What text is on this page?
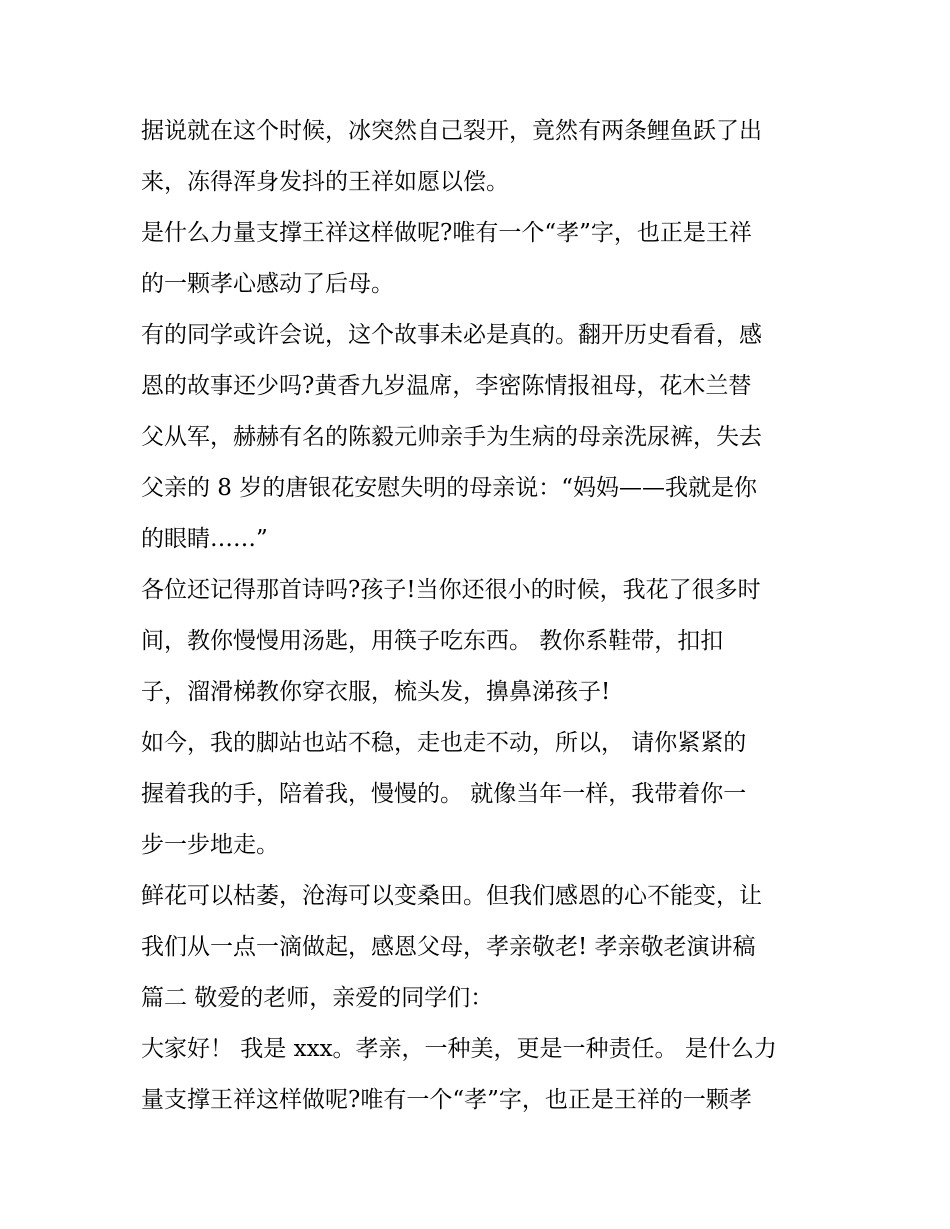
据说就在这个时候，冰突然自己裂开，竟然有两条鲤鱼跃了出
来，冻得浑身发抖的王祥如愿以偿。
是什么力量支撑王祥这样做呢?唯有一个“孝”字，也正是王祥
的一颗孝心感动了后母。
有的同学或许会说，这个故事未必是真的。翻开历史看看，感
恩的故事还少吗?黄香九岁温席，李密陈情报祖母，花木兰替
父从军，赫赫有名的陈毅元帅亲手为生病的母亲洗尿裤，失去
父亲的 8 岁的唐银花安慰失明的母亲说：“妈妈——我就是你
的眼睛……”
各位还记得那首诗吗?孩子!当你还很小的时候，我花了很多时
间，教你慢慢用汤匙，用筷子吃东西。 教你系鞋带，扣扣
子，溜滑梯教你穿衣服，梳头发，擤鼻涕孩子!
如今，我的脚站也站不稳，走也走不动，所以， 请你紧紧的
握着我的手，陪着我，慢慢的。 就像当年一样，我带着你一
步一步地走。
鲜花可以枯萎，沧海可以变桑田。但我们感恩的心不能变，让
我们从一点一滴做起，感恩父母，孝亲敬老! 孝亲敬老演讲稿
篇二 敬爱的老师，亲爱的同学们：
大家好！ 我是 xxx。孝亲，一种美，更是一种责任。 是什么力
量支撑王祥这样做呢?唯有一个“孝”字，也正是王祥的一颗孝
